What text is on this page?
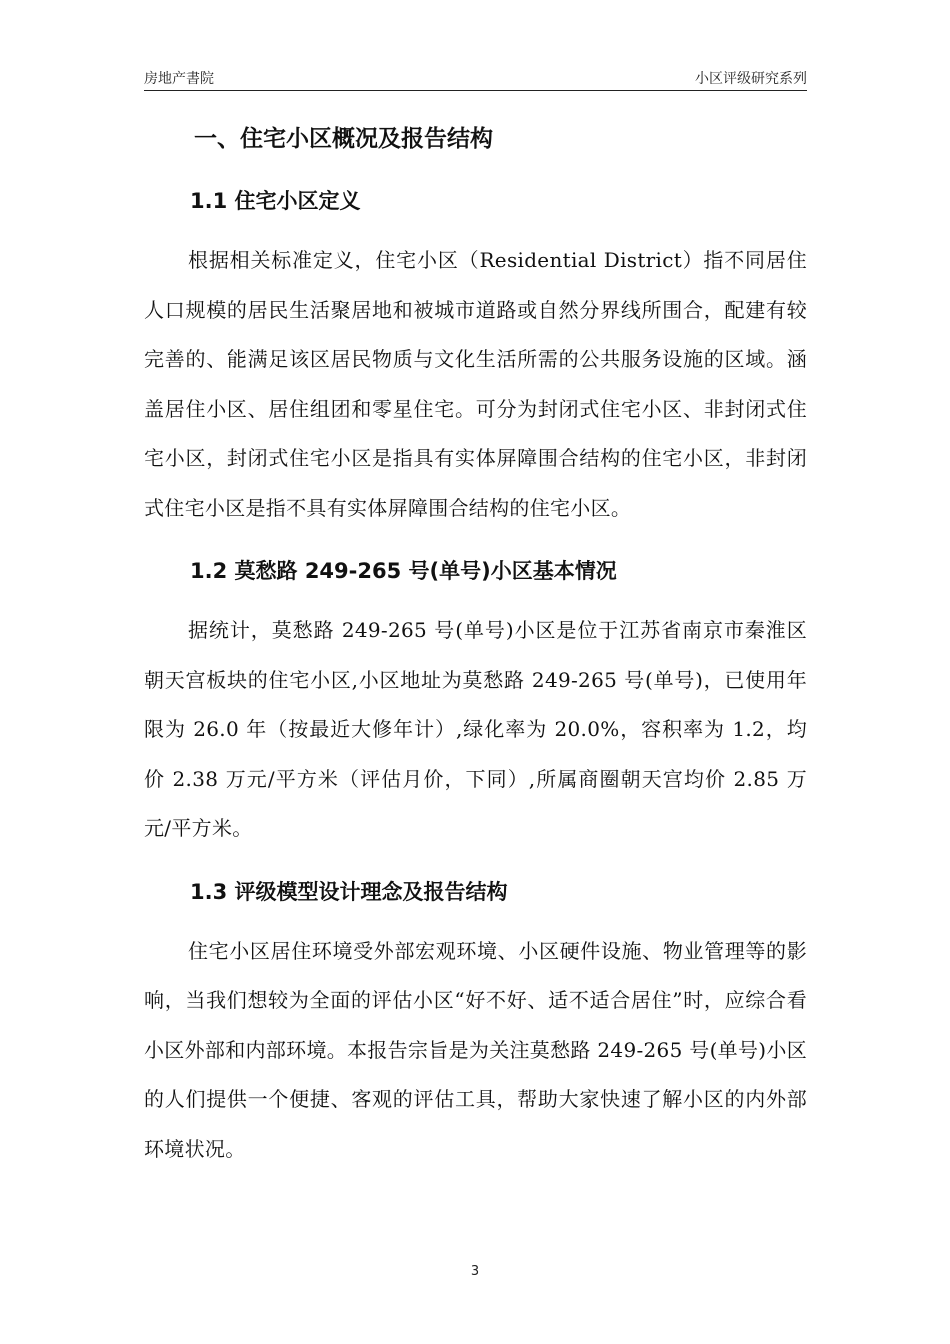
房地产書院	小区评级研究系列
一、住宅小区概况及报告结构
1.1 住宅小区定义

根据相关标准定义，住宅小区（Residential District）指不同居住人口规模的居民生活聚居地和被城市道路或自然分界线所围合，配建有较完善的、能满足该区居民物质与文化生活所需的公共服务设施的区域。涵盖居住小区、居住组团和零星住宅。可分为封闭式住宅小区、非封闭式住宅小区，封闭式住宅小区是指具有实体屏障围合结构的住宅小区，非封闭式住宅小区是指不具有实体屏障围合结构的住宅小区。

1.2 莫愁路 249-265 号(单号)小区基本情况

据统计，莫愁路 249-265 号(单号)小区是位于江苏省南京市秦淮区朝天宫板块的住宅小区,小区地址为莫愁路 249-265 号(单号)，已使用年限为 26.0 年（按最近大修年计）,绿化率为 20.0%，容积率为 1.2，均价 2.38 万元/平方米（评估月价，下同）,所属商圈朝天宫均价 2.85 万元/平方米。

1.3 评级模型设计理念及报告结构

住宅小区居住环境受外部宏观环境、小区硬件设施、物业管理等的影响，当我们想较为全面的评估小区“好不好、适不适合居住”时，应综合看小区外部和内部环境。本报告宗旨是为关注莫愁路 249-265 号(单号)小区的人们提供一个便捷、客观的评估工具，帮助大家快速了解小区的内外部环境状况。

3
